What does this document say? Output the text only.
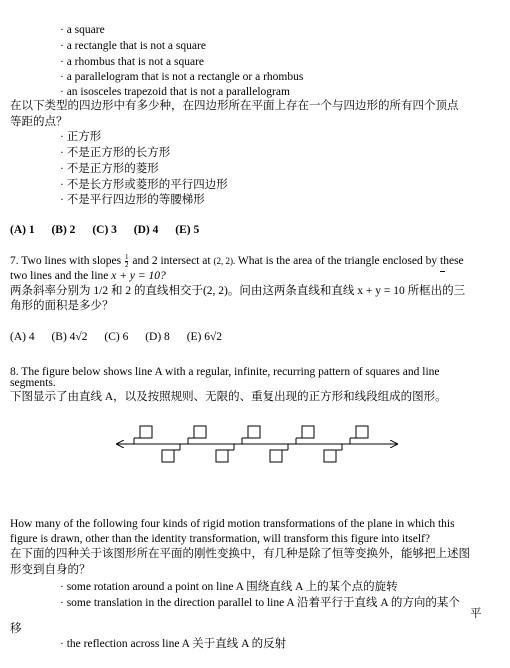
· a square
· a rectangle that is not a square
· a rhombus that is not a square
· a parallelogram that is not a rectangle or a rhombus
· an isosceles trapezoid that is not a parallelogram
在以下类型的四边形中有多少种，在四边形所在平面上存在一个与四边形的所有四个顶点
等距的点？
· 正方形
· 不是正方形的长方形
· 不是正方形的菱形
· 不是长方形或菱形的平行四边形
· 不是平行四边形的等腰梯形
(A) 1 (B) 2 (C) 3 (D) 4 (E) 5
7. Two lines with slopes $\frac{1}{2}$ and 2 intersect at (2, 2). What is the area of the triangle enclosed by these
two lines and the line x + y = 10?
两条斜率分别为 1/2 和 2 的直线相交于(2, 2)。问由这两条直线和直线 x + y = 10 所框出的三
角形的面积是多少？
(A) 4 (B) 4√2 (C) 6 (D) 8 (E) 6√2
8. The figure below shows line A with a regular, infinite, recurring pattern of squares and line
segments.
下图显示了由直线 A，以及按照规则、无限的、重复出现的正方形和线段组成的图形。
How many of the following four kinds of rigid motion transformations of the plane in which this
figure is drawn, other than the identity transformation, will transform this figure into itself?
在下面的四种关于该图形所在平面的刚性变换中，有几种是除了恒等变换外，能够把上述图
形变到自身的？
· some rotation around a point on line A 围绕直线 A 上的某个点的旋转
· some translation in the direction parallel to line A 沿着平行于直线 A 的方向的某个
平
移
· the reflection across line A 关于直线 A 的反射
